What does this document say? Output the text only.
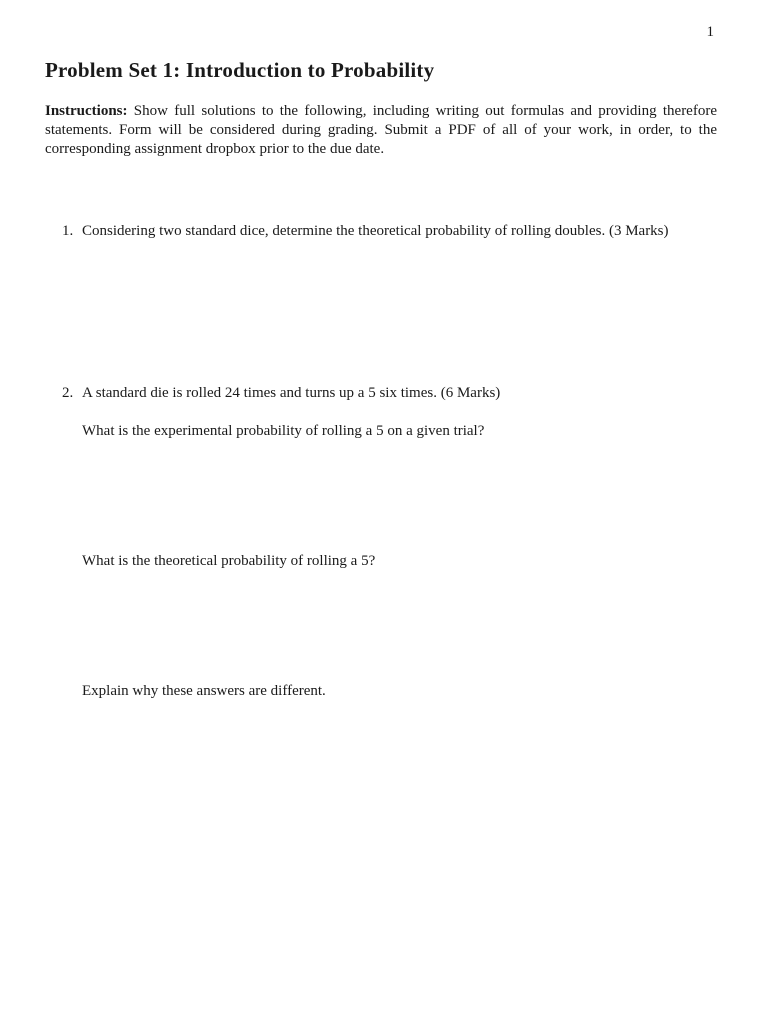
1
Problem Set 1: Introduction to Probability

Instructions: Show full solutions to the following, including writing out formulas and providing therefore statements. Form will be considered during grading. Submit a PDF of all of your work, in order, to the corresponding assignment dropbox prior to the due date.

1. Considering two standard dice, determine the theoretical probability of rolling doubles. (3 Marks)
2. A standard die is rolled 24 times and turns up a 5 six times. (6 Marks)
What is the experimental probability of rolling a 5 on a given trial?
What is the theoretical probability of rolling a 5?
Explain why these answers are different.
